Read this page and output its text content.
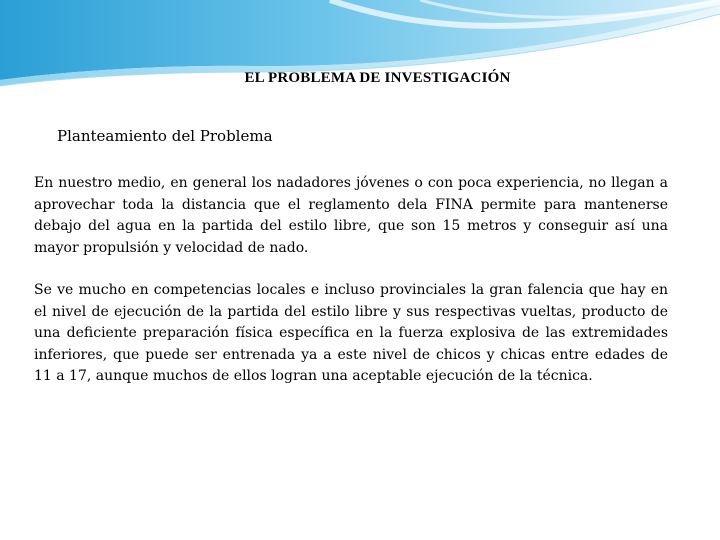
EL PROBLEMA DE INVESTIGACIÓN
Planteamiento del Problema

En nuestro medio, en general los nadadores jóvenes o con poca experiencia, no llegan a aprovechar toda la distancia que el reglamento dela FINA permite para mantenerse debajo del agua en la partida del estilo libre, que son 15 metros y conseguir así una mayor propulsión y velocidad de nado.

Se ve mucho en competencias locales e incluso provinciales la gran falencia que hay en el nivel de ejecución de la partida del estilo libre y sus respectivas vueltas, producto de una deficiente preparación física específica en la fuerza explosiva de las extremidades inferiores, que puede ser entrenada ya a este nivel de chicos y chicas entre edades de 11 a 17, aunque muchos de ellos logran una aceptable ejecución de la técnica.
